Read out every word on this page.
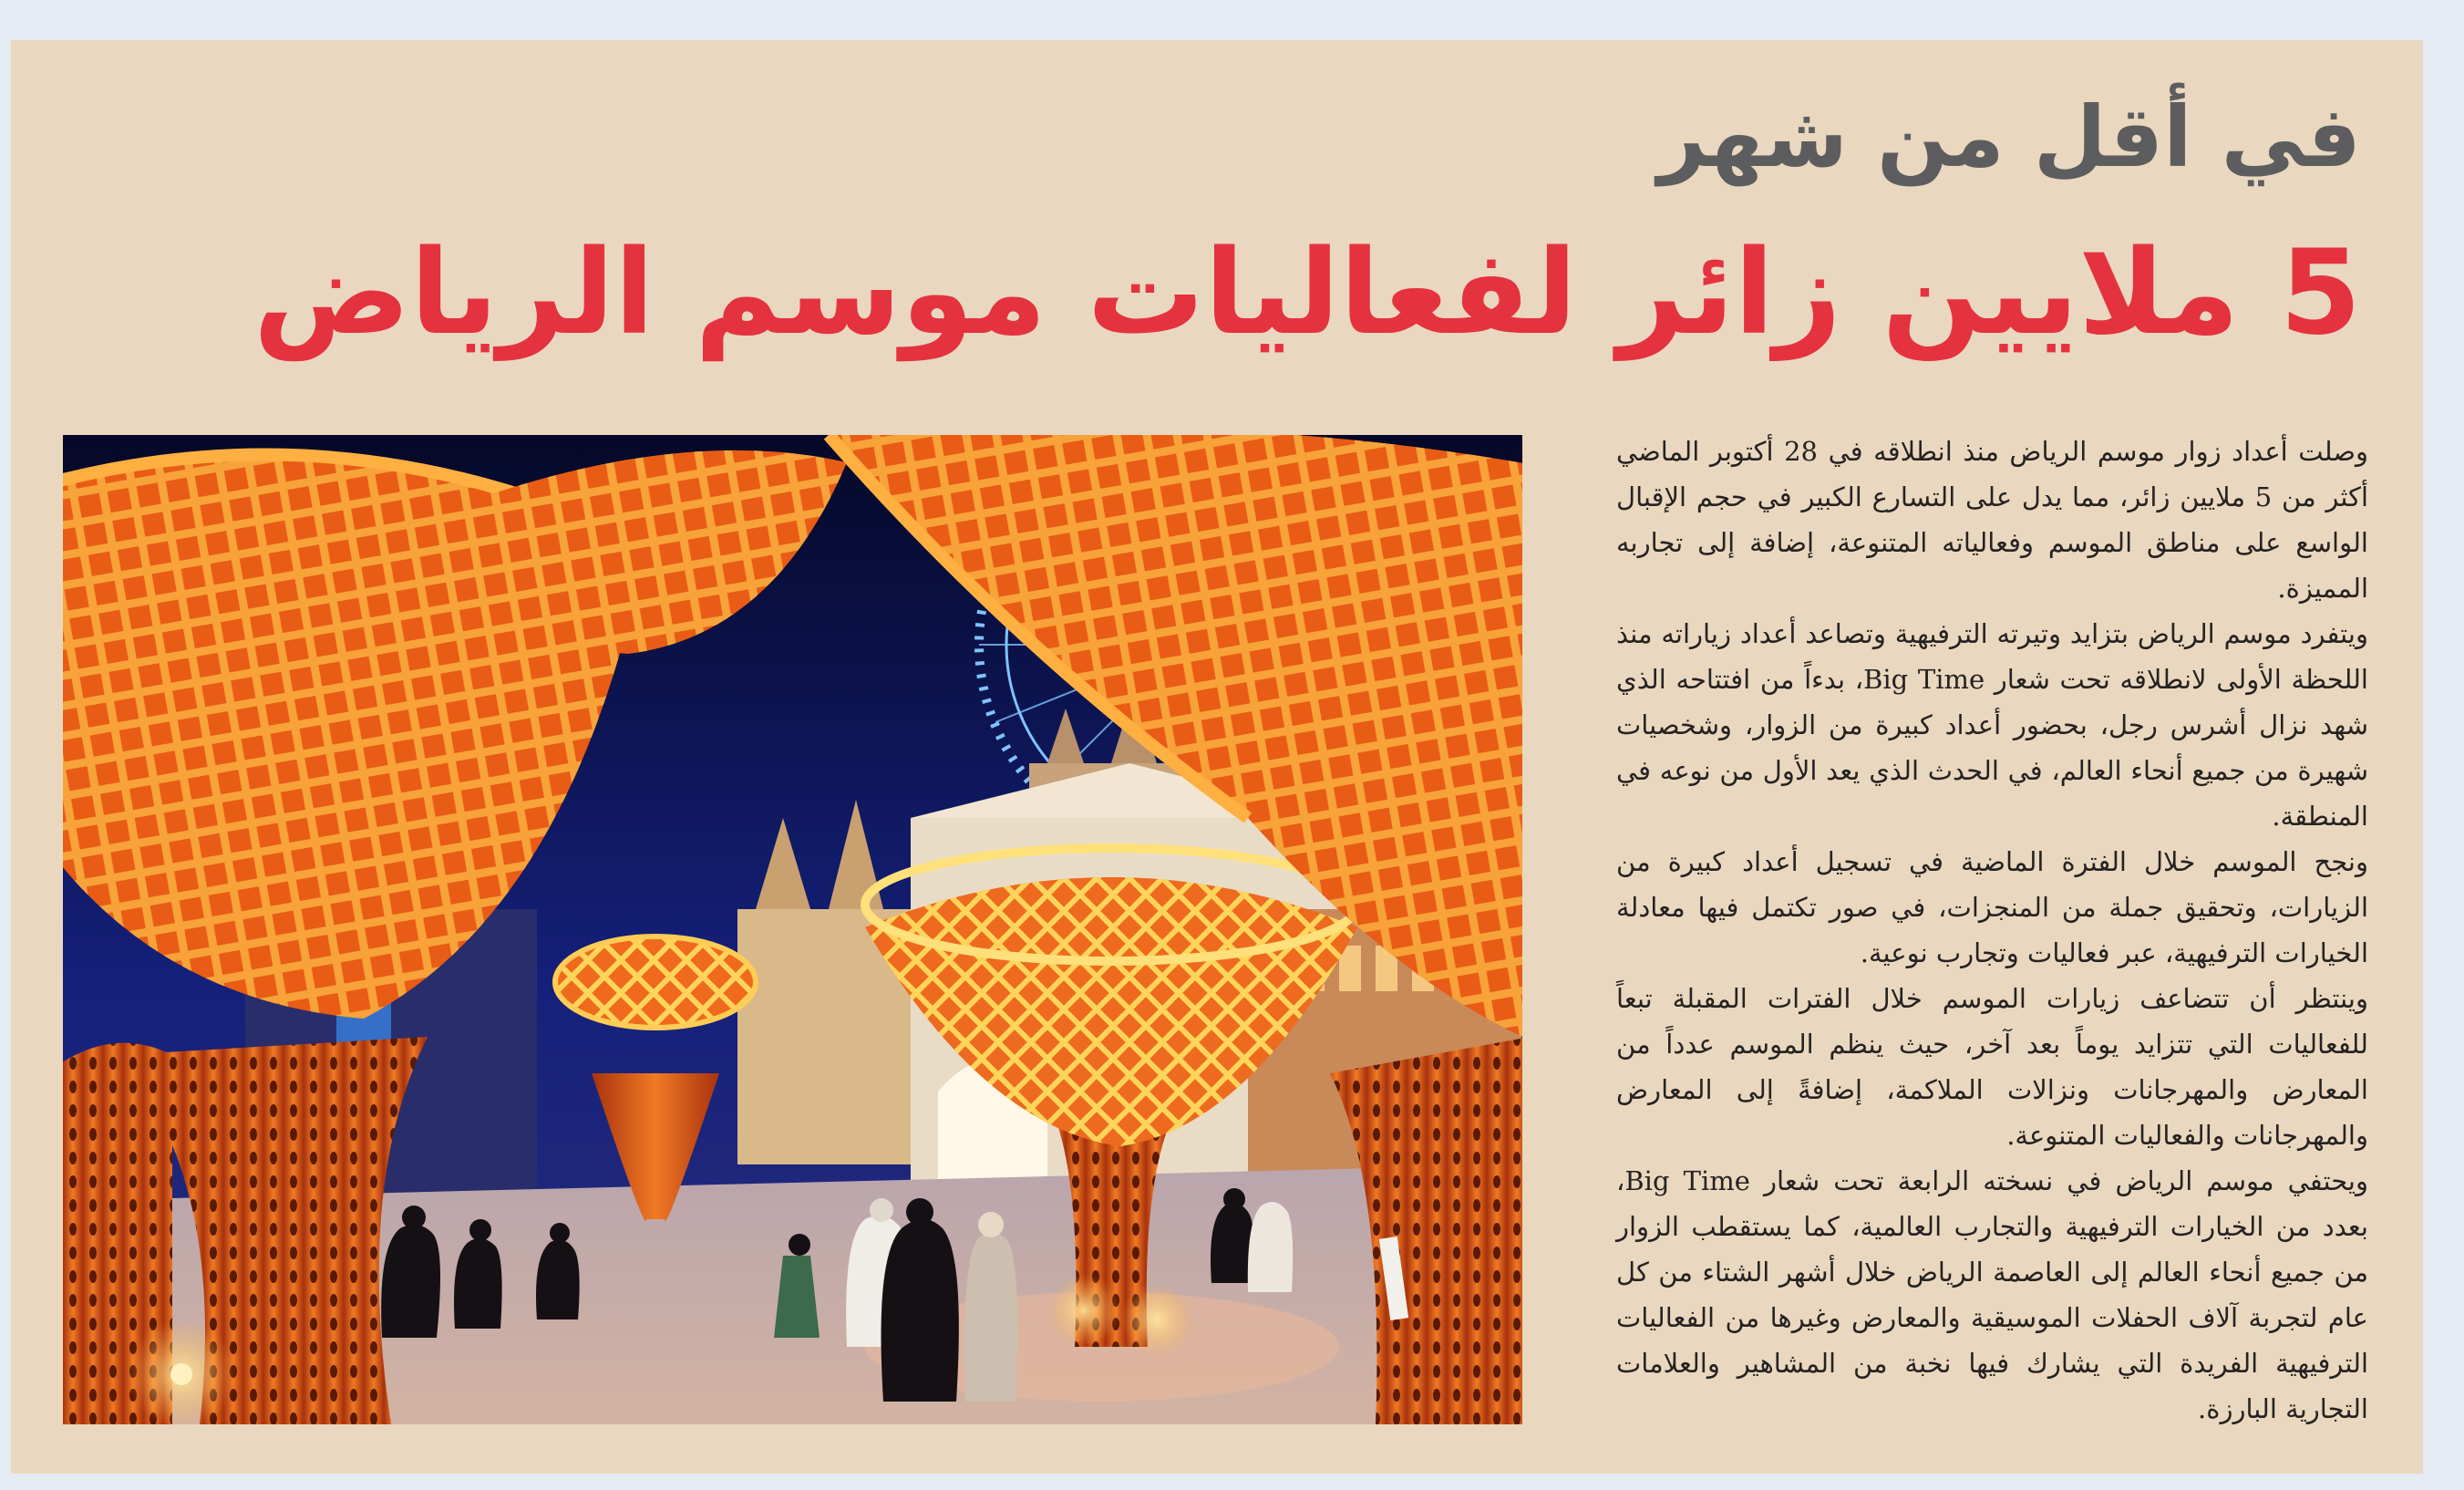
في أقل من شهر
5 ملايين زائر لفعاليات موسم الرياض

وصلت أعداد زوار موسم الرياض منذ انطلاقه في 28 أكتوبر الماضي أكثر من 5 ملايين زائر، مما يدل على التسارع الكبير في حجم الإقبال الواسع على مناطق الموسم وفعالياته المتنوعة، إضافة إلى تجاربه المميزة.

ويتفرد موسم الرياض بتزايد وتيرته الترفيهية وتصاعد أعداد زياراته منذ اللحظة الأولى لانطلاقه تحت شعار Big Time، بدءاً من افتتاحه الذي شهد نزال أشرس رجل، بحضور أعداد كبيرة من الزوار، وشخصيات شهيرة من جميع أنحاء العالم، في الحدث الذي يعد الأول من نوعه في المنطقة.

ونجح الموسم خلال الفترة الماضية في تسجيل أعداد كبيرة من الزيارات، وتحقيق جملة من المنجزات، في صور تكتمل فيها معادلة الخيارات الترفيهية، عبر فعاليات وتجارب نوعية.

وينتظر أن تتضاعف زيارات الموسم خلال الفترات المقبلة تبعاً للفعاليات التي تتزايد يوماً بعد آخر، حيث ينظم الموسم عدداً من المعارض والمهرجانات ونزالات الملاكمة، إضافةً إلى المعارض والمهرجانات والفعاليات المتنوعة.

ويحتفي موسم الرياض في نسخته الرابعة تحت شعار Big Time، بعدد من الخيارات الترفيهية والتجارب العالمية، كما يستقطب الزوار من جميع أنحاء العالم إلى العاصمة الرياض خلال أشهر الشتاء من كل عام لتجربة آلاف الحفلات الموسيقية والمعارض وغيرها من الفعاليات الترفيهية الفريدة التي يشارك فيها نخبة من المشاهير والعلامات التجارية البارزة.
